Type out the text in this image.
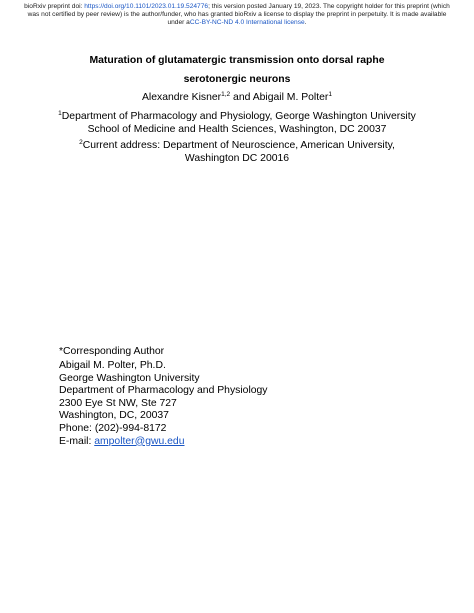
bioRxiv preprint doi: https://doi.org/10.1101/2023.01.19.524776; this version posted January 19, 2023. The copyright holder for this preprint (which was not certified by peer review) is the author/funder, who has granted bioRxiv a license to display the preprint in perpetuity. It is made available under aCC-BY-NC-ND 4.0 International license.
Maturation of glutamatergic transmission onto dorsal raphe
serotonergic neurons
Alexandre Kisner$^{1,2}$ and Abigail M. Polter$^1$
$^1$Department of Pharmacology and Physiology, George Washington University School of Medicine and Health Sciences, Washington, DC 20037
$^2$Current address: Department of Neuroscience, American University, Washington DC 20016
*Corresponding Author
Abigail M. Polter, Ph.D.
George Washington University
Department of Pharmacology and Physiology
2300 Eye St NW, Ste 727
Washington, DC, 20037
Phone: (202)-994-8172
E-mail: ampolter@gwu.edu
